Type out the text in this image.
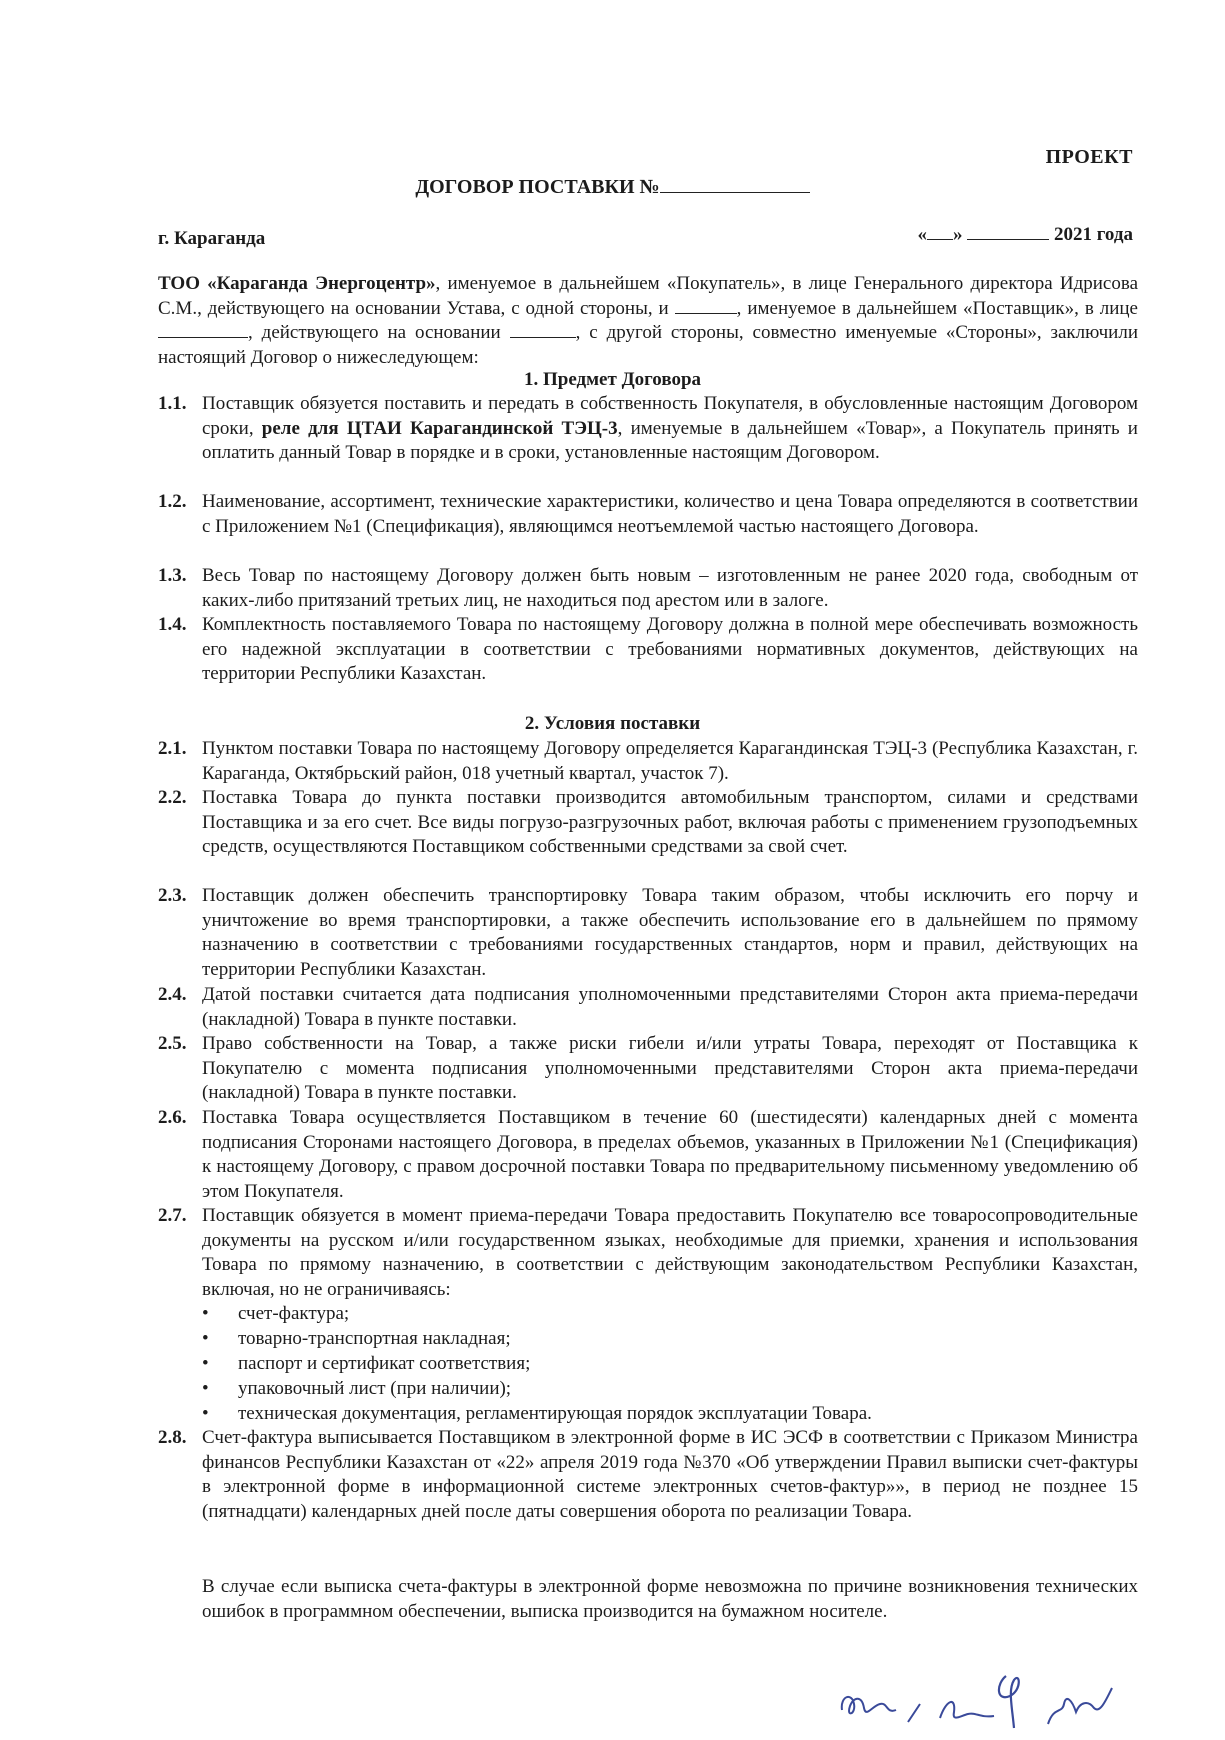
ПРОЕКТ
ДОГОВОР ПОСТАВКИ №
г. Караганда	« »	2021 года
ТОО «Караганда Энергоцентр», именуемое в дальнейшем «Покупатель», в лице Генерального директора Идрисова С.М., действующего на основании Устава, с одной стороны, и	, именуемое в дальнейшем «Поставщик», в лице , действующего на основании	, с другой стороны, совместно именуемые «Стороны», заключили настоящий Договор о нижеследующем:
1. Предмет Договора
1.1. Поставщик обязуется поставить и передать в собственность Покупателя, в обусловленные настоящим Договором сроки, реле для ЦТАИ Карагандинской ТЭЦ-3, именуемые в дальнейшем «Товар», а Покупатель принять и оплатить данный Товар в порядке и в сроки, установленные настоящим Договором.
1.2. Наименование, ассортимент, технические характеристики, количество и цена Товара определяются в соответствии с Приложением №1 (Спецификация), являющимся неотъемлемой частью настоящего Договора.
1.3. Весь Товар по настоящему Договору должен быть новым – изготовленным не ранее 2020 года, свободным от каких-либо притязаний третьих лиц, не находиться под арестом или в залоге.
1.4. Комплектность поставляемого Товара по настоящему Договору должна в полной мере обеспечивать возможность его надежной эксплуатации в соответствии с требованиями нормативных документов, действующих на территории Республики Казахстан.
2. Условия поставки
2.1. Пунктом поставки Товара по настоящему Договору определяется Карагандинская ТЭЦ-3 (Республика Казахстан, г. Караганда, Октябрьский район, 018 учетный квартал, участок 7).
2.2. Поставка Товара до пункта поставки производится автомобильным транспортом, силами и средствами Поставщика и за его счет. Все виды погрузо-разгрузочных работ, включая работы с применением грузоподъемных средств, осуществляются Поставщиком собственными средствами за свой счет.
2.3. Поставщик должен обеспечить транспортировку Товара таким образом, чтобы исключить его порчу и уничтожение во время транспортировки, а также обеспечить использование его в дальнейшем по прямому назначению в соответствии с требованиями государственных стандартов, норм и правил, действующих на территории Республики Казахстан.
2.4. Датой поставки считается дата подписания уполномоченными представителями Сторон акта приема-передачи (накладной) Товара в пункте поставки.
2.5. Право собственности на Товар, а также риски гибели и/или утраты Товара, переходят от Поставщика к Покупателю с момента подписания уполномоченными представителями Сторон акта приема-передачи (накладной) Товара в пункте поставки.
2.6. Поставка Товара осуществляется Поставщиком в течение 60 (шестидесяти) календарных дней с момента подписания Сторонами настоящего Договора, в пределах объемов, указанных в Приложении №1 (Спецификация) к настоящему Договору, с правом досрочной поставки Товара по предварительному письменному уведомлению об этом Покупателя.
2.7. Поставщик обязуется в момент приема-передачи Товара предоставить Покупателю все товаросопроводительные документы на русском и/или государственном языках, необходимые для приемки, хранения и использования Товара по прямому назначению, в соответствии с действующим законодательством Республики Казахстан, включая, но не ограничиваясь:
• счет-фактура;
• товарно-транспортная накладная;
• паспорт и сертификат соответствия;
• упаковочный лист (при наличии);
• техническая документация, регламентирующая порядок эксплуатации Товара.
2.8. Счет-фактура выписывается Поставщиком в электронной форме в ИС ЭСФ в соответствии с Приказом Министра финансов Республики Казахстан от «22» апреля 2019 года №370 «Об утверждении Правил выписки счет-фактуры в электронной форме в информационной системе электронных счетов-фактур»», в период не позднее 15 (пятнадцати) календарных дней после даты совершения оборота по реализации Товара.
В случае если выписка счета-фактуры в электронной форме невозможна по причине возникновения технических ошибок в программном обеспечении, выписка производится на бумажном носителе.
